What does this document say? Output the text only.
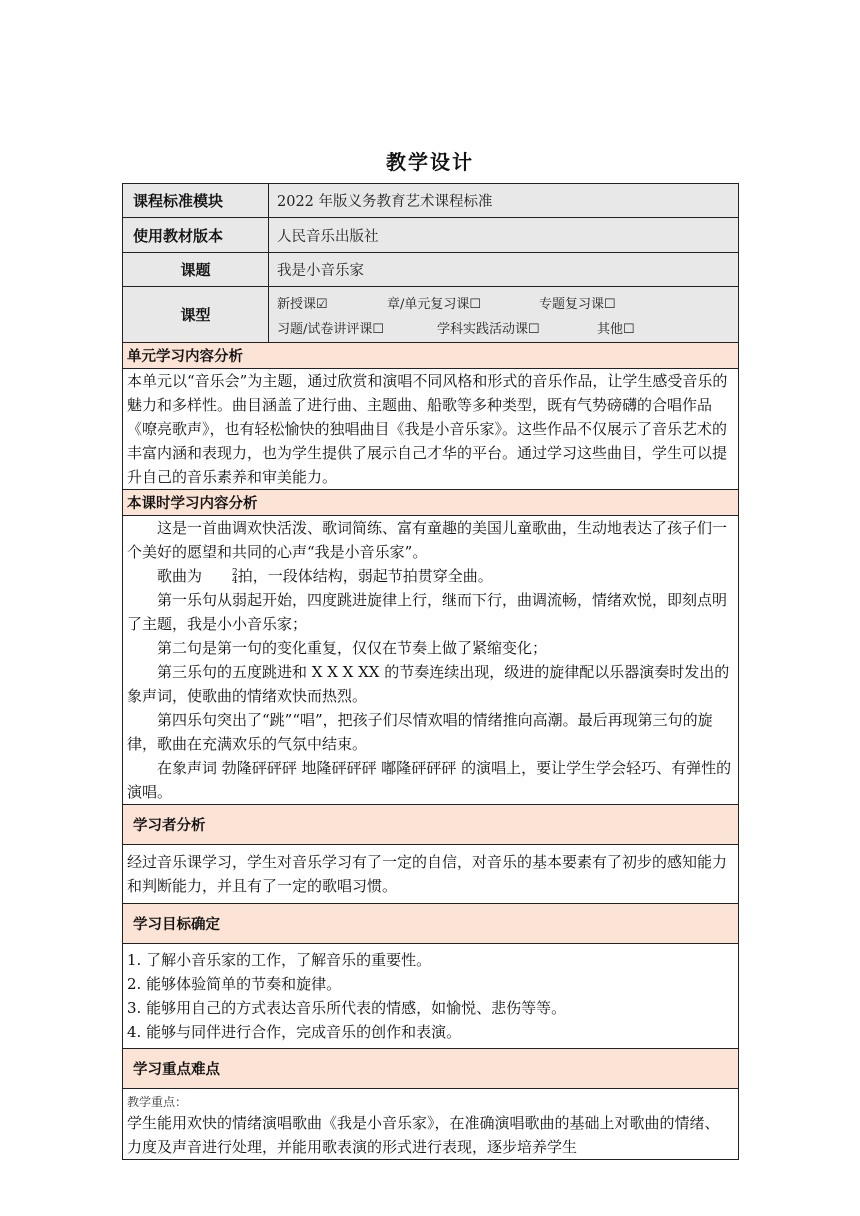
教学设计
课程标准模块	2022 年版义务教育艺术课程标准
使用教材版本	人民音乐出版社
课题	我是小音乐家
课型
新授课☑	章/单元复习课☐	专题复习课☐
习题/试卷讲评课☐	学科实践活动课☐	其他☐
单元学习内容分析

本单元以“音乐会”为主题，通过欣赏和演唱不同风格和形式的音乐作品，让学生感受音乐的魅力和多样性。曲目涵盖了进行曲、主题曲、船歌等多种类型，既有气势磅礴的合唱作品《嘹亮歌声》，也有轻松愉快的独唱曲目《我是小音乐家》。这些作品不仅展示了音乐艺术的丰富内涵和表现力，也为学生提供了展示自己才华的平台。通过学习这些曲目，学生可以提升自己的音乐素养和审美能力。

本课时学习内容分析

这是一首曲调欢快活泼、歌词简练、富有童趣的美国儿童歌曲，生动地表达了孩子们一个美好的愿望和共同的心声“我是小音乐家”。

歌曲为	2
4 拍，一段体结构，弱起节拍贯穿全曲。

第一乐句从弱起开始，四度跳进旋律上行，继而下行，曲调流畅，情绪欢悦，即刻点明了主题，我是小小音乐家；

第二句是第一句的变化重复，仅仅在节奏上做了紧缩变化；

第三乐句的五度跳进和 X X X XX 的节奏连续出现，级进的旋律配以乐器演奏时发出的象声词，使歌曲的情绪欢快而热烈。

第四乐句突出了“跳”“唱”，把孩子们尽情欢唱的情绪推向高潮。最后再现第三句的旋律，歌曲在充满欢乐的气氛中结束。

在象声词 勃隆砰砰砰 地隆砰砰砰 嘟隆砰砰砰 的演唱上，要让学生学会轻巧、有弹性的演唱。

学习者分析

经过音乐课学习，学生对音乐学习有了一定的自信，对音乐的基本要素有了初步的感知能力和判断能力，并且有了一定的歌唱习惯。

学习目标确定

1. 了解小音乐家的工作，了解音乐的重要性。

2. 能够体验简单的节奏和旋律。

3. 能够用自己的方式表达音乐所代表的情感，如愉悦、悲伤等等。

4. 能够与同伴进行合作，完成音乐的创作和表演。

学习重点难点

教学重点：

学生能用欢快的情绪演唱歌曲《我是小音乐家》，在准确演唱歌曲的基础上对歌曲的情绪、力度及声音进行处理，并能用歌表演的形式进行表现，逐步培养学生
